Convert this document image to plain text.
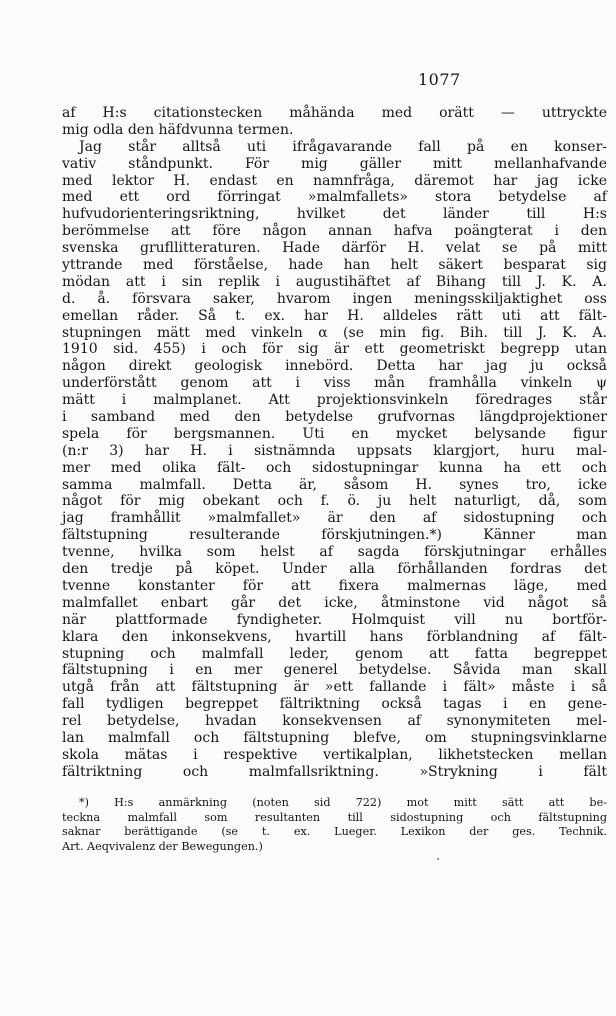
1077
af H:s citationstecken måhända med orätt — uttryckte
mig odla den häfdvunna termen.
Jag står alltså uti ifrågavarande fall på en konser-
vativ ståndpunkt. För mig gäller mitt mellanhafvande
med lektor H. endast en namnfråga, däremot har jag icke
med ett ord förringat »malmfallets» stora betydelse af
hufvudorienteringsriktning, hvilket det länder till H:s
berömmelse att före någon annan hafva poängterat i den
svenska grufllitteraturen. Hade därför H. velat se på mitt
yttrande med förståelse, hade han helt säkert besparat sig
mödan att i sin replik i augustihäftet af Bihang till J. K. A.
d. å. försvara saker, hvarom ingen meningsskiljaktighet oss
emellan råder. Så t. ex. har H. alldeles rätt uti att fält-
stupningen mätt med vinkeln α (se min fig. Bih. till J. K. A.
1910 sid. 455) i och för sig är ett geometriskt begrepp utan
någon direkt geologisk innebörd. Detta har jag ju också
underförstått genom att i viss mån framhålla vinkeln ψ
mätt i malmplanet. Att projektionsvinkeln föredrages står
i samband med den betydelse grufvornas längdprojektioner
spela för bergsmannen. Uti en mycket belysande figur
(n:r 3) har H. i sistnämnda uppsats klargjort, huru mal-
mer med olika fält- och sidostupningar kunna ha ett och
samma malmfall. Detta är, såsom H. synes tro, icke
något för mig obekant och f. ö. ju helt naturligt, då, som
jag framhållit »malmfallet» är den af sidostupning och
fältstupning resulterande förskjutningen.*) Känner man
tvenne, hvilka som helst af sagda förskjutningar erhålles
den tredje på köpet. Under alla förhållanden fordras det
tvenne konstanter för att fixera malmernas läge, med
malmfallet enbart går det icke, åtminstone vid något så
när plattformade fyndigheter. Holmquist vill nu bortför-
klara den inkonsekvens, hvartill hans förblandning af fält-
stupning och malmfall leder, genom att fatta begreppet
fältstupning i en mer generel betydelse. Såvida man skall
utgå från att fältstupning är »ett fallande i fält» måste i så
fall tydligen begreppet fältriktning också tagas i en gene-
rel betydelse, hvadan konsekvensen af synonymiteten mel-
lan malmfall och fältstupning blefve, om stupningsvinklarne
skola mätas i respektive vertikalplan, likhetstecken mellan
fältriktning och malmfallsriktning. »Strykning i fält
*) H:s anmärkning (noten sid 722) mot mitt sätt att be-
teckna malmfall som resultanten till sidostupning och fältstupning
saknar berättigande (se t. ex. Lueger. Lexikon der ges. Technik.
Art. Aeqvivalenz der Bewegungen.)
